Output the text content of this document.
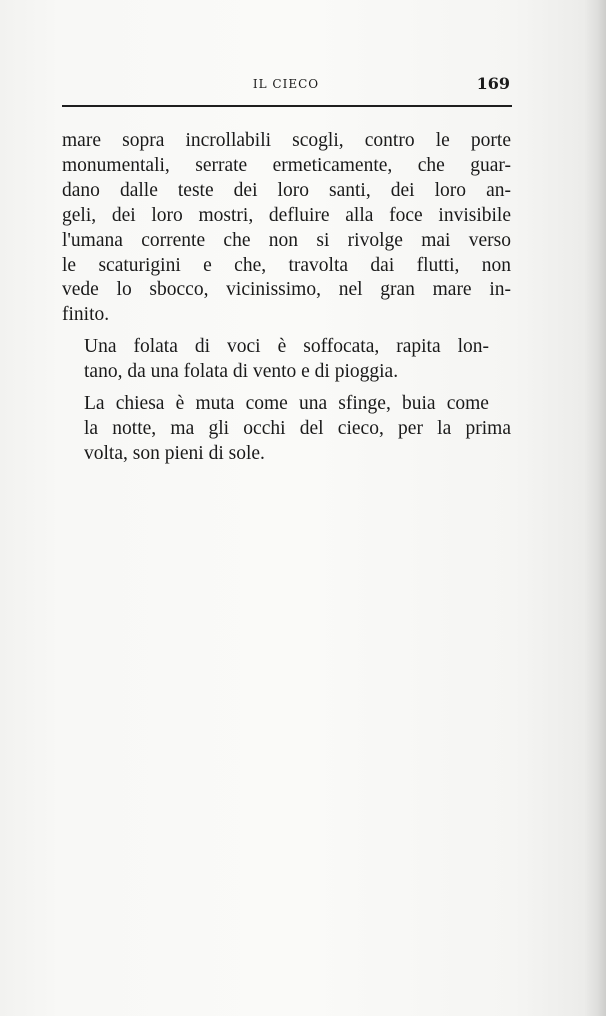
IL CIECO	169

mare sopra incrollabili scogli, contro le porte
monumentali, serrate ermeticamente, che guar-
dano dalle teste dei loro santi, dei loro an-
geli, dei loro mostri, defluire alla foce invisibile
l'umana corrente che non si rivolge mai verso
le scaturigini e che, travolta dai flutti, non
vede lo sbocco, vicinissimo, nel gran mare in-
finito.

Una folata di voci è soffocata, rapita lon-
tano, da una folata di vento e di pioggia.

La chiesa è muta come una sfinge, buia come
la notte, ma gli occhi del cieco, per la prima
volta, son pieni di sole.
